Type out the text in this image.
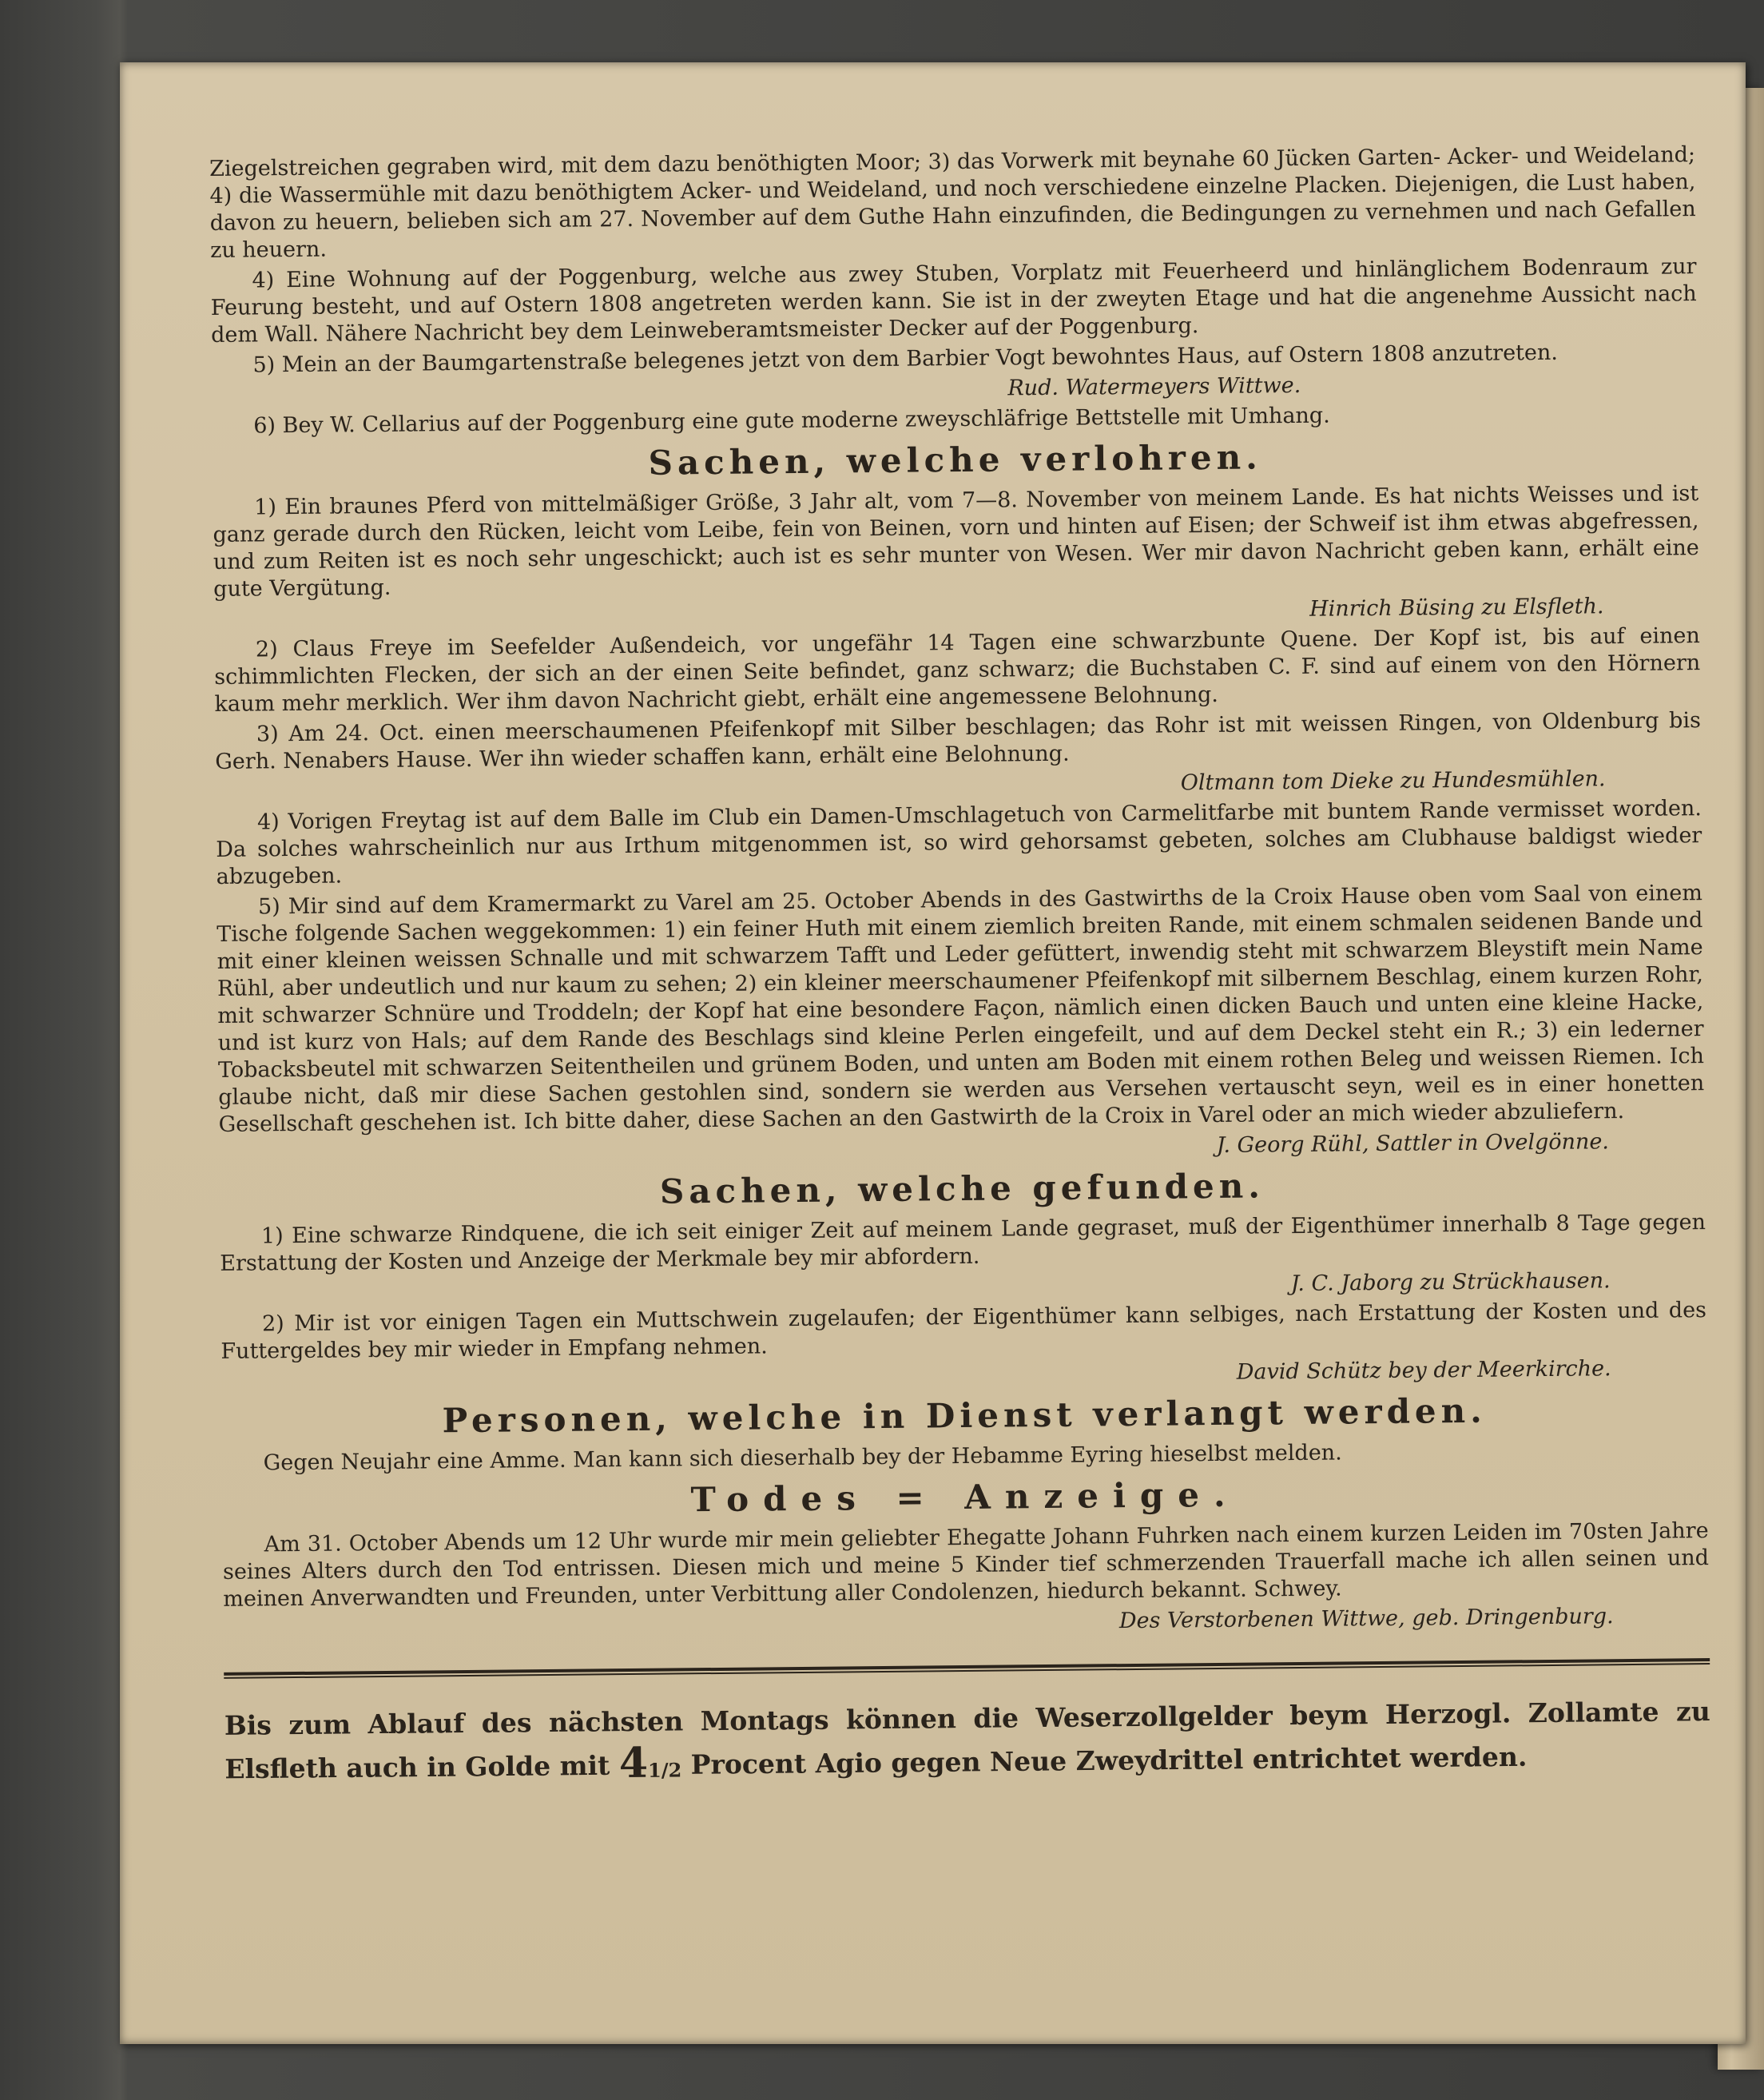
Ziegelstreichen gegraben wird, mit dem dazu benöthigten Moor; 3) das Vorwerk mit beynahe 60 Jücken Garten- Acker- und Weideland; 4) die Wassermühle mit dazu benöthigtem Acker- und Weideland, und noch verschiedene einzelne Placken. Diejenigen, die Lust haben, davon zu heuern, belieben sich am 27. November auf dem Guthe Hahn einzufinden, die Bedingungen zu vernehmen und nach Gefallen zu heuern.

4) Eine Wohnung auf der Poggenburg, welche aus zwey Stuben, Vorplatz mit Feuerheerd und hinlänglichem Bodenraum zur Feurung besteht, und auf Ostern 1808 angetreten werden kann. Sie ist in der zweyten Etage und hat die angenehme Aussicht nach dem Wall. Nähere Nachricht bey dem Leinweberamtsmeister Decker auf der Poggenburg.

5) Mein an der Baumgartenstraße belegenes jetzt von dem Barbier Vogt bewohntes Haus, auf Ostern 1808 anzutreten.

Rud. Watermeyers Wittwe.

6) Bey W. Cellarius auf der Poggenburg eine gute moderne zweyschläfrige Bettstelle mit Umhang.

Sachen, welche verlohren.

1) Ein braunes Pferd von mittelmäßiger Größe, 3 Jahr alt, vom 7—8. November von meinem Lande. Es hat nichts Weisses und ist ganz gerade durch den Rücken, leicht vom Leibe, fein von Beinen, vorn und hinten auf Eisen; der Schweif ist ihm etwas abgefressen, und zum Reiten ist es noch sehr ungeschickt; auch ist es sehr munter von Wesen. Wer mir davon Nachricht geben kann, erhält eine gute Vergütung.

Hinrich Büsing zu Elsfleth.

2) Claus Freye im Seefelder Außendeich, vor ungefähr 14 Tagen eine schwarzbunte Quene. Der Kopf ist, bis auf einen schimmlichten Flecken, der sich an der einen Seite befindet, ganz schwarz; die Buchstaben C. F. sind auf einem von den Hörnern kaum mehr merklich. Wer ihm davon Nachricht giebt, erhält eine angemessene Belohnung.

3) Am 24. Oct. einen meerschaumenen Pfeifenkopf mit Silber beschlagen; das Rohr ist mit weissen Ringen, von Oldenburg bis Gerh. Nenabers Hause. Wer ihn wieder schaffen kann, erhält eine Belohnung.

Oltmann tom Dieke zu Hundesmühlen.

4) Vorigen Freytag ist auf dem Balle im Club ein Damen-Umschlagetuch von Carmelitfarbe mit buntem Rande vermisset worden. Da solches wahrscheinlich nur aus Irthum mitgenommen ist, so wird gehorsamst gebeten, solches am Clubhause baldigst wieder abzugeben.

5) Mir sind auf dem Kramermarkt zu Varel am 25. October Abends in des Gastwirths de la Croix Hause oben vom Saal von einem Tische folgende Sachen weggekommen: 1) ein feiner Huth mit einem ziemlich breiten Rande, mit einem schmalen seidenen Bande und mit einer kleinen weissen Schnalle und mit schwarzem Tafft und Leder gefüttert, inwendig steht mit schwarzem Bleystift mein Name Rühl, aber undeutlich und nur kaum zu sehen; 2) ein kleiner meerschaumener Pfeifenkopf mit silbernem Beschlag, einem kurzen Rohr, mit schwarzer Schnüre und Troddeln; der Kopf hat eine besondere Façon, nämlich einen dicken Bauch und unten eine kleine Hacke, und ist kurz von Hals; auf dem Rande des Beschlags sind kleine Perlen eingefeilt, und auf dem Deckel steht ein R.; 3) ein lederner Tobacksbeutel mit schwarzen Seitentheilen und grünem Boden, und unten am Boden mit einem rothen Beleg und weissen Riemen. Ich glaube nicht, daß mir diese Sachen gestohlen sind, sondern sie werden aus Versehen vertauscht seyn, weil es in einer honetten Gesellschaft geschehen ist. Ich bitte daher, diese Sachen an den Gastwirth de la Croix in Varel oder an mich wieder abzuliefern.

J. Georg Rühl, Sattler in Ovelgönne.

Sachen, welche gefunden.

1) Eine schwarze Rindquene, die ich seit einiger Zeit auf meinem Lande gegraset, muß der Eigenthümer innerhalb 8 Tage gegen Erstattung der Kosten und Anzeige der Merkmale bey mir abfordern.

J. C. Jaborg zu Strückhausen.

2) Mir ist vor einigen Tagen ein Muttschwein zugelaufen; der Eigenthümer kann selbiges, nach Erstattung der Kosten und des Futtergeldes bey mir wieder in Empfang nehmen.

David Schütz bey der Meerkirche.

Personen, welche in Dienst verlangt werden.

Gegen Neujahr eine Amme. Man kann sich dieserhalb bey der Hebamme Eyring hieselbst melden.

Todes = Anzeige.

Am 31. October Abends um 12 Uhr wurde mir mein geliebter Ehegatte Johann Fuhrken nach einem kurzen Leiden im 70sten Jahre seines Alters durch den Tod entrissen. Diesen mich und meine 5 Kinder tief schmerzenden Trauerfall mache ich allen seinen und meinen Anverwandten und Freunden, unter Verbittung aller Condolenzen, hiedurch bekannt. Schwey.

Des Verstorbenen Wittwe, geb. Dringenburg.

Bis zum Ablauf des nächsten Montags können die Weserzollgelder beym Herzogl. Zollamte zu Elsfleth auch in Golde mit 41/2 Procent Agio gegen Neue Zweydrittel entrichtet werden.
